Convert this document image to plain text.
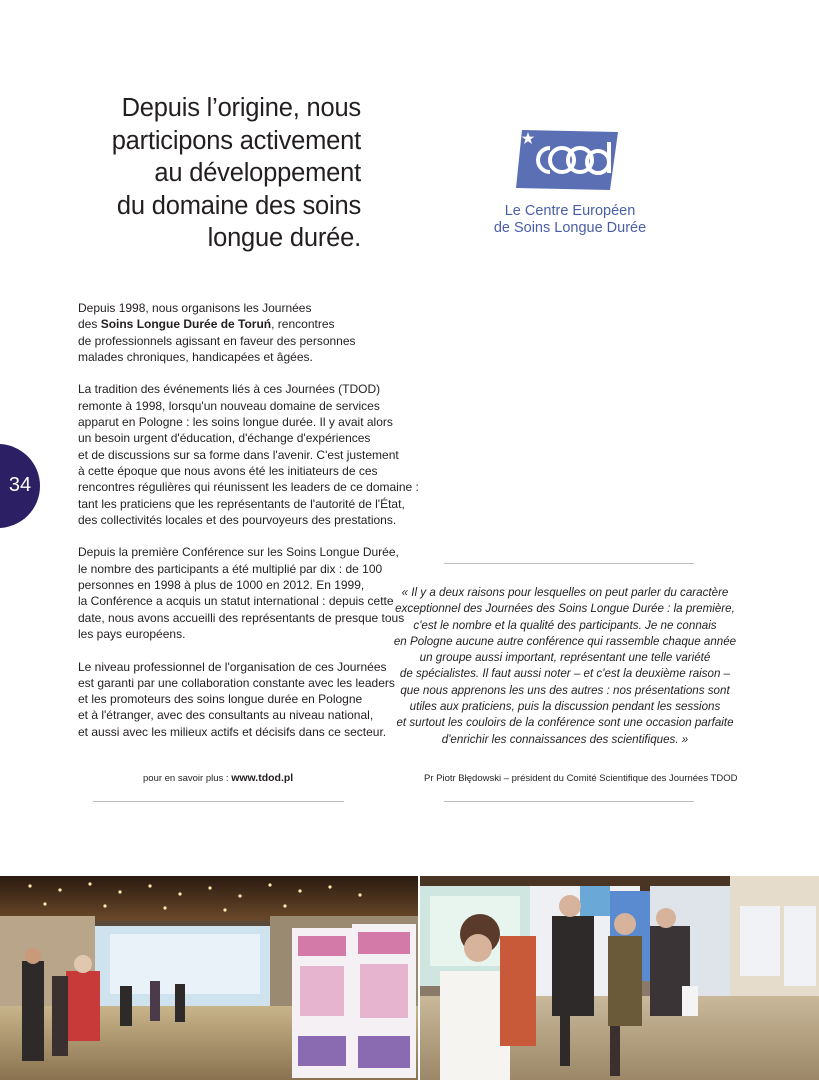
Depuis l’origine, nous
participons activement
au développement
du domaine des soins
longue durée.
Le Centre Européen
de Soins Longue Durée
34

Depuis 1998, nous organisons les Journées
des Soins Longue Durée de Toruń, rencontres
de professionnels agissant en faveur des personnes
malades chroniques, handicapées et âgées.

La tradition des événements liés à ces Journées (TDOD)
remonte à 1998, lorsqu'un nouveau domaine de services
apparut en Pologne : les soins longue durée. Il y avait alors
un besoin urgent d'éducation, d'échange d'expériences
et de discussions sur sa forme dans l'avenir. C'est justement
à cette époque que nous avons été les initiateurs de ces
rencontres régulières qui réunissent les leaders de ce domaine :
tant les praticiens que les représentants de l'autorité de l'État,
des collectivités locales et des pourvoyeurs des prestations.

Depuis la première Conférence sur les Soins Longue Durée,
le nombre des participants a été multiplié par dix : de 100
personnes en 1998 à plus de 1000 en 2012. En 1999,
la Conférence a acquis un statut international : depuis cette
date, nous avons accueilli des représentants de presque tous
les pays européens.

Le niveau professionnel de l'organisation de ces Journées
est garanti par une collaboration constante avec les leaders
et les promoteurs des soins longue durée en Pologne
et à l'étranger, avec des consultants au niveau national,
et aussi avec les milieux actifs et décisifs dans ce secteur.

« Il y a deux raisons pour lesquelles on peut parler du caractère
exceptionnel des Journées des Soins Longue Durée : la première,
c'est le nombre et la qualité des participants. Je ne connais
en Pologne aucune autre conférence qui rassemble chaque année
un groupe aussi important, représentant une telle variété
de spécialistes. Il faut aussi noter – et c'est la deuxième raison –
que nous apprenons les uns des autres : nos présentations sont
utiles aux praticiens, puis la discussion pendant les sessions
et surtout les couloirs de la conférence sont une occasion parfaite
d'enrichir les connaissances des scientifiques. »
pour en savoir plus : www.tdod.pl	Pr Piotr Błędowski – président du Comité Scientifique des Journées TDOD
